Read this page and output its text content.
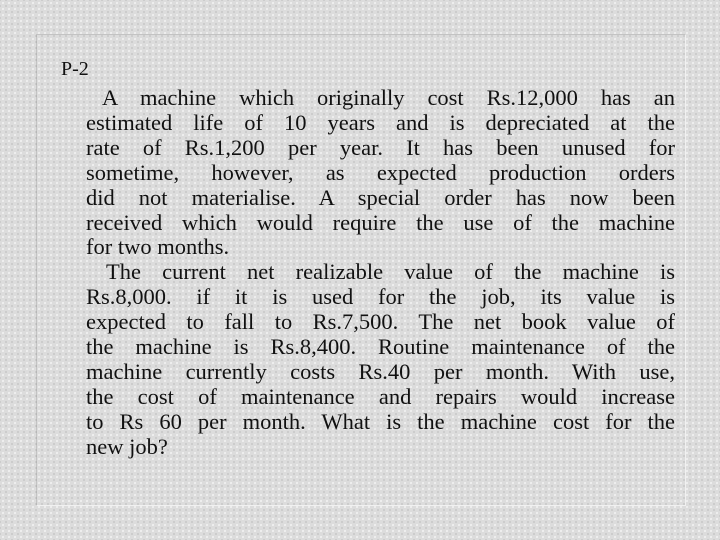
P-2

A machine which originally cost Rs.12,000 has an
estimated life of 10 years and is depreciated at the
rate of Rs.1,200 per year. It has been unused for
sometime, however, as expected production orders
did not materialise. A special order has now been
received which would require the use of the machine
for two months.

The current net realizable value of the machine is
Rs.8,000. if it is used for the job, its value is
expected to fall to Rs.7,500. The net book value of
the machine is Rs.8,400. Routine maintenance of the
machine currently costs Rs.40 per month. With use,
the cost of maintenance and repairs would increase
to Rs 60 per month. What is the machine cost for the
new job?
